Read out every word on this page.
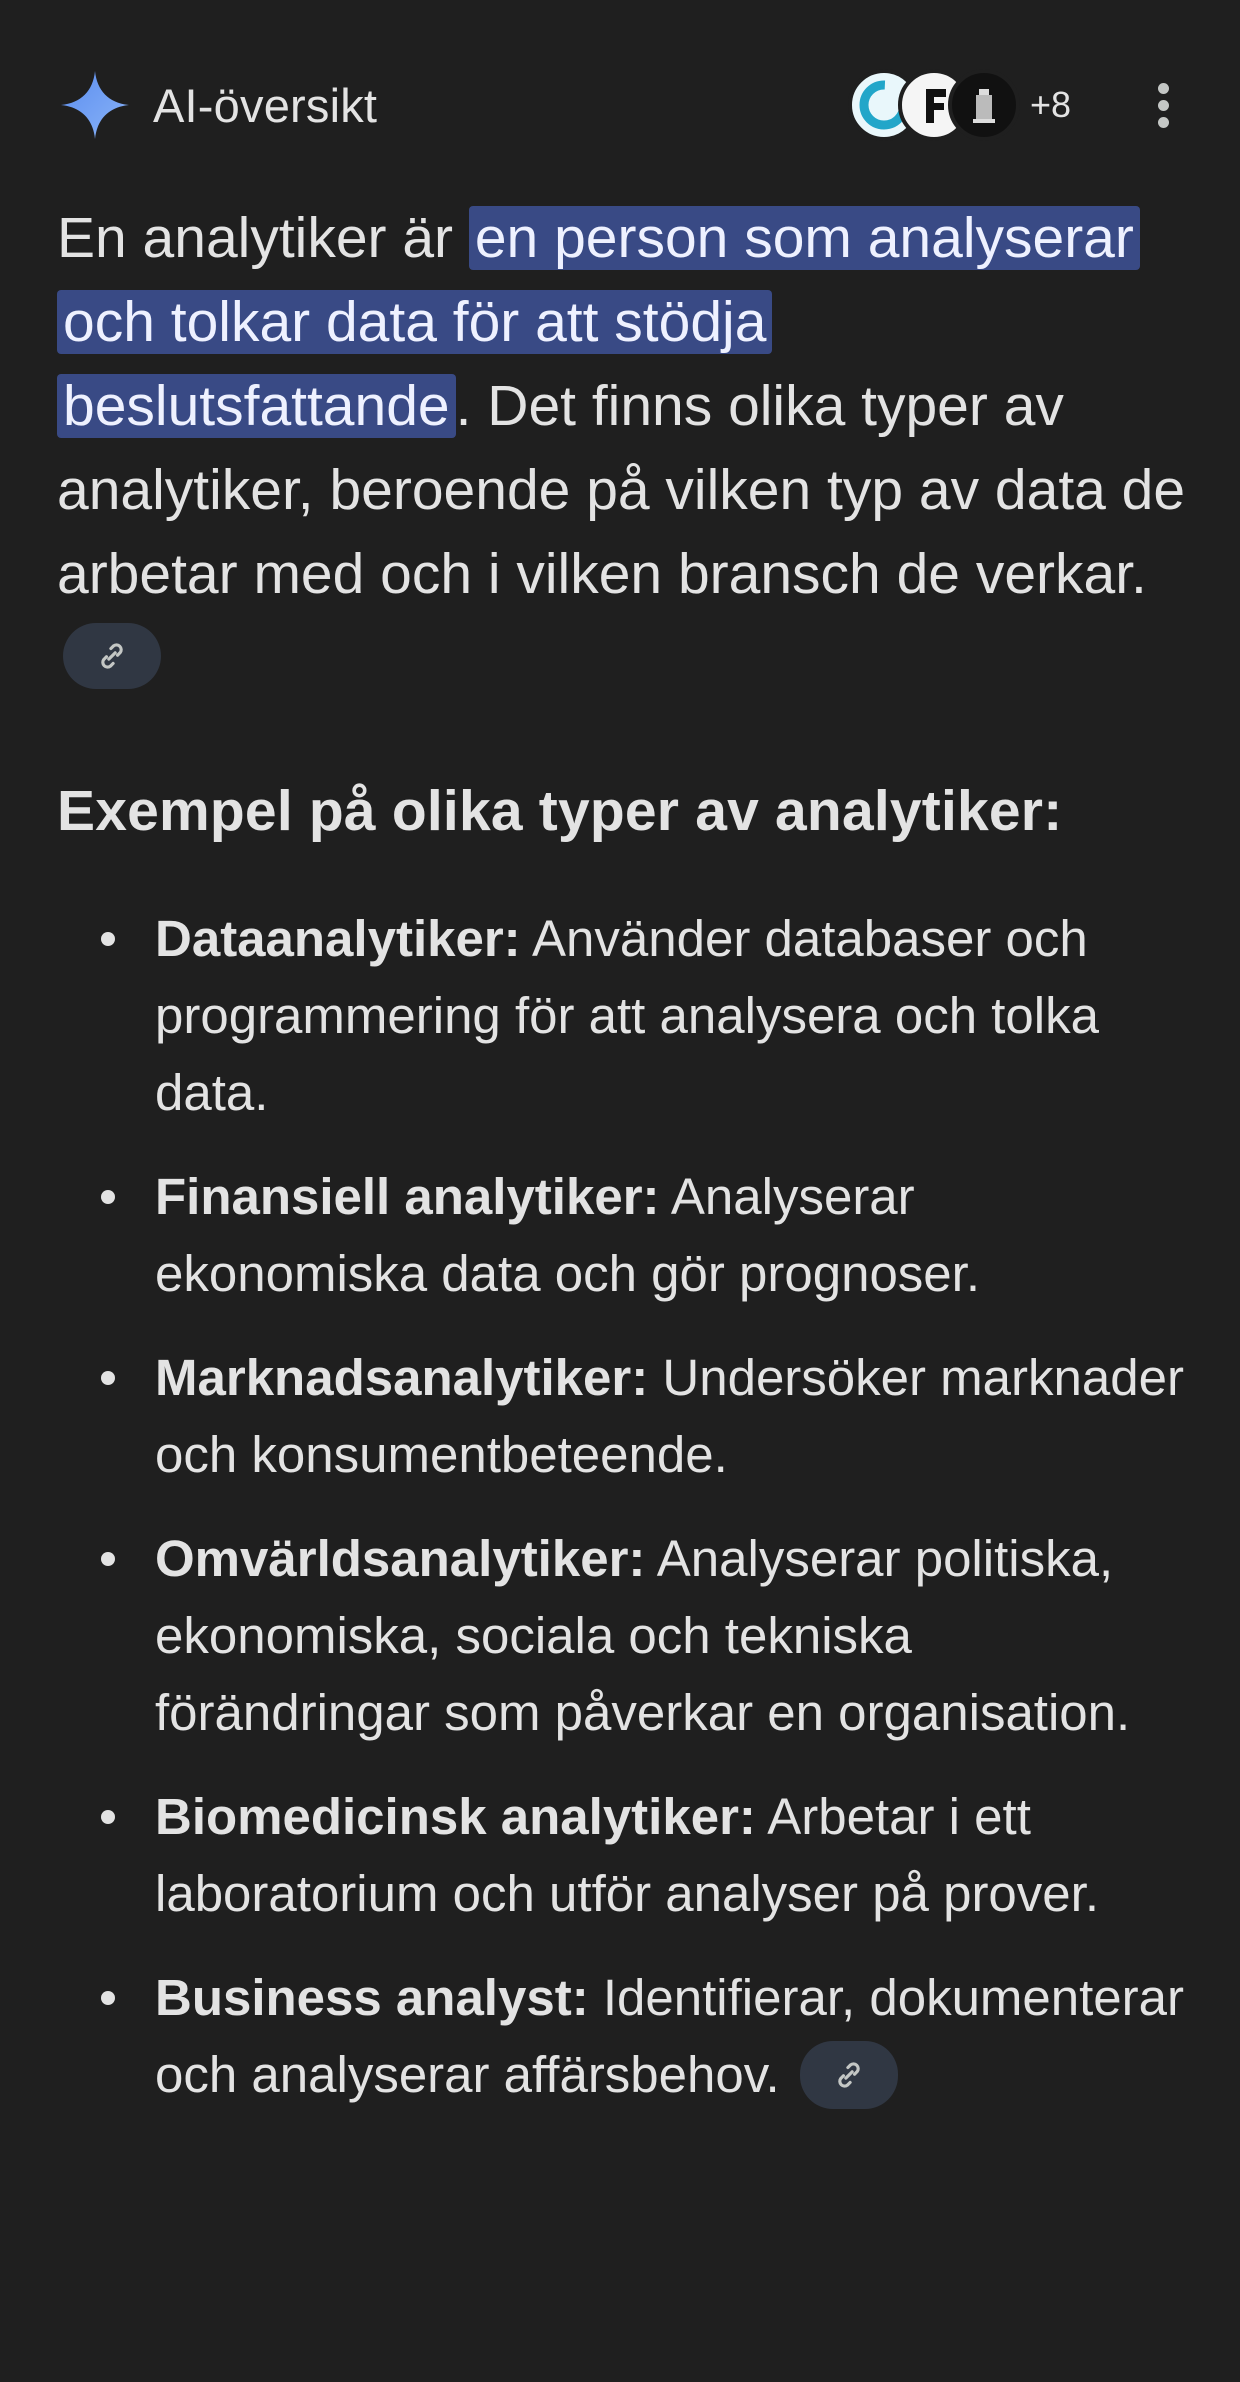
AI-översikt	+8
En analytiker är en person som analyserar och tolkar data för att stödja beslutsfattande . Det finns olika typer av analytiker, beroende på vilken typ av data de arbetar med och i vilken bransch de verkar.
Exempel på olika typer av analytiker:
Dataanalytiker: Använder databaser och programmering för att analysera och tolka data.
Finansiell analytiker: Analyserar ekonomiska data och gör prognoser.
Marknadsanalytiker: Undersöker marknader och konsumentbeteende.
Omvärldsanalytiker: Analyserar politiska, ekonomiska, sociala och tekniska förändringar som påverkar en organisation.
Biomedicinsk analytiker: Arbetar i ett laboratorium och utför analyser på prover.
Business analyst: Identifierar, dokumenterar och analyserar affärsbehov.
